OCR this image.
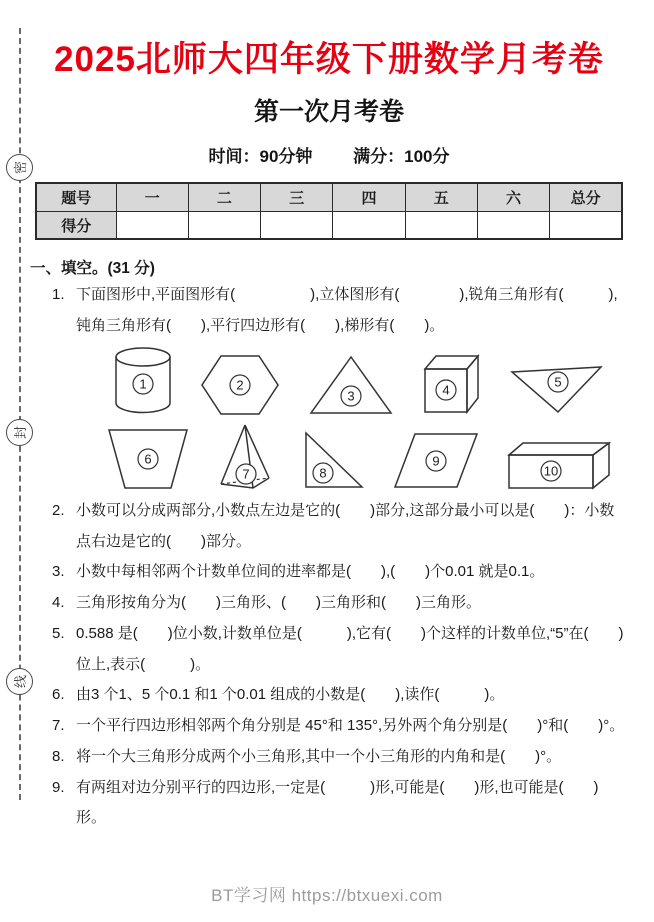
密
封
线
2025北师大四年级下册数学月考卷
第一次月考卷
时间：90分钟 满分：100分
题号	一	二	三	四	五	六	总分
得分							
一、填空。(31 分)
1. 下面图形中,平面图形有(　　　　　),立体图形有(　　　　),锐角三角形有(　　　),钝角三角形有(　　),平行四边形有(　　),梯形有(　　)。
1	2
3	4
5
6
7	8
9
10
2. 小数可以分成两部分,小数点左边是它的(　　)部分,这部分最小可以是(　　)：小数点右边是它的(　　)部分。
3. 小数中每相邻两个计数单位间的进率都是(　　),(　　)个0.01 就是0.1。
4. 三角形按角分为(　　)三角形、(　　)三角形和(　　)三角形。
5. 0.588 是(　　)位小数,计数单位是(　　　),它有(　　)个这样的计数单位,“5”在(　　)位上,表示(　　　)。
6. 由3 个1、5 个0.1 和1 个0.01 组成的小数是(　　),读作(　　　)。
7. 一个平行四边形相邻两个角分别是 45°和 135°,另外两个角分别是(　　)°和(　　)°。
8. 将一个大三角形分成两个小三角形,其中一个小三角形的内角和是(　　)°。
9. 有两组对边分别平行的四边形,一定是(　　　)形,可能是(　　)形,也可能是(　　)形。
BT学习网 https://btxuexi.com
